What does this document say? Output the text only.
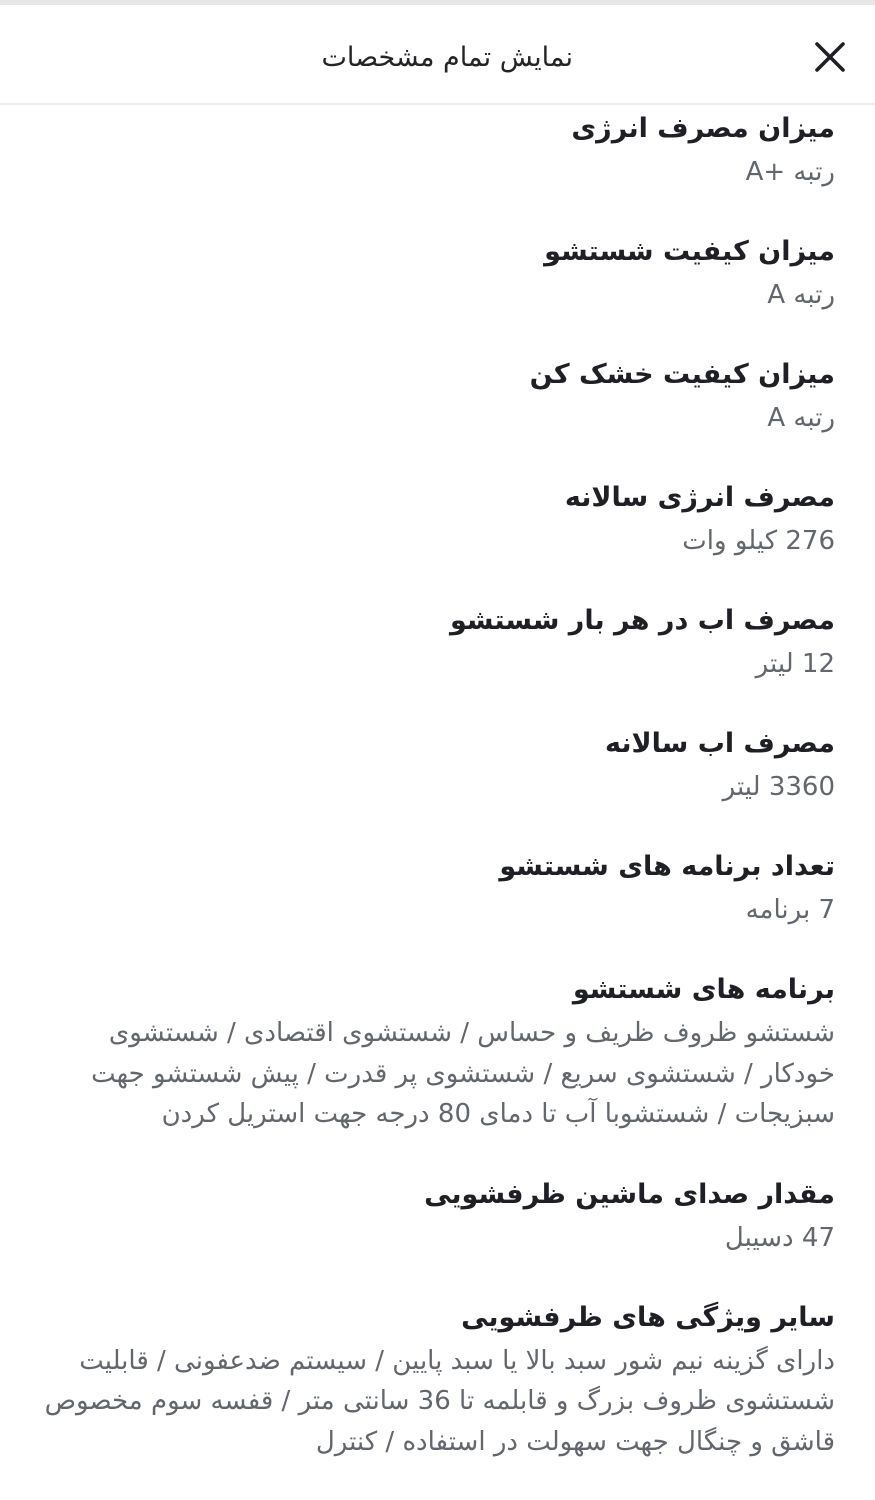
نمایش تمام مشخصات
میزان مصرف انرژی
رتبه +A
میزان کیفیت شستشو
رتبه A
میزان کیفیت خشک کن
رتبه A
مصرف انرژی سالانه
276 کیلو وات
مصرف اب در هر بار شستشو
12 لیتر
مصرف اب سالانه
3360 لیتر
تعداد برنامه های شستشو
7 برنامه
برنامه های شستشو
شستشو ظروف ظریف و حساس / شستشوی اقتصادی / شستشوی خودکار / شستشوی سریع / شستشوی پر قدرت / پیش شستشو جهت سبزیجات / شستشوبا آب تا دمای 80 درجه جهت استریل کردن
مقدار صدای ماشین ظرفشویی
47 دسیبل
سایر ویژگی های ظرفشویی
دارای گزینه نیم شور سبد بالا یا سبد پایین / سیستم ضدعفونی / قابلیت شستشوی ظروف بزرگ و قابلمه تا 36 سانتی متر / قفسه سوم مخصوص قاشق و چنگال جهت سهولت در استفاده / کنترل
